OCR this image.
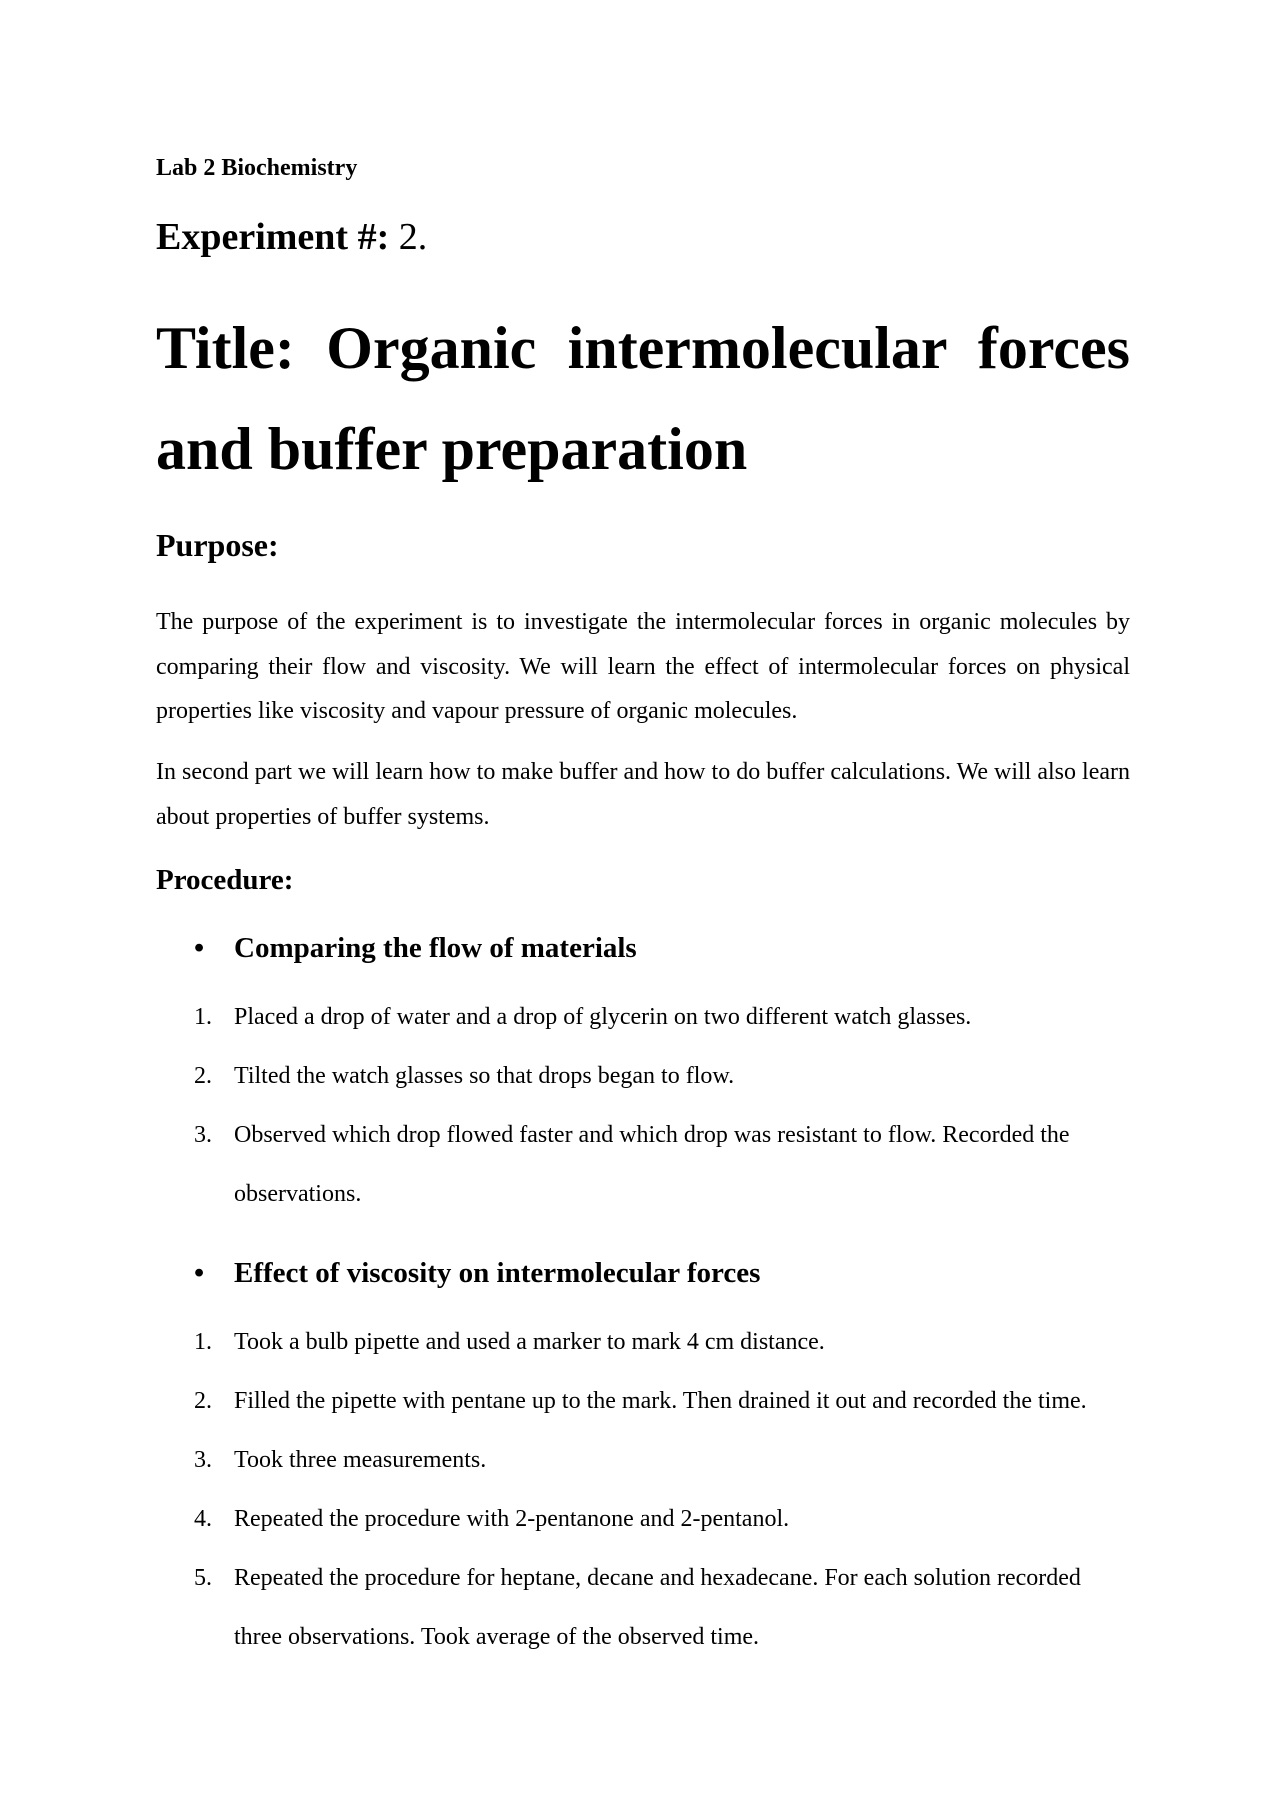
Lab 2 Biochemistry

Experiment #: 2.

Title: Organic intermolecular forces and buffer preparation
Purpose:

The purpose of the experiment is to investigate the intermolecular forces in organic molecules by comparing their flow and viscosity. We will learn the effect of intermolecular forces on physical properties like viscosity and vapour pressure of organic molecules.

In second part we will learn how to make buffer and how to do buffer calculations. We will also learn about properties of buffer systems.

Procedure:
• Comparing the flow of materials
1. Placed a drop of water and a drop of glycerin on two different watch glasses.
2. Tilted the watch glasses so that drops began to flow.
3. Observed which drop flowed faster and which drop was resistant to flow. Recorded the observations.
• Effect of viscosity on intermolecular forces
1. Took a bulb pipette and used a marker to mark 4 cm distance.
2. Filled the pipette with pentane up to the mark. Then drained it out and recorded the time.
3. Took three measurements.
4. Repeated the procedure with 2-pentanone and 2-pentanol.
5. Repeated the procedure for heptane, decane and hexadecane. For each solution recorded three observations. Took average of the observed time.
